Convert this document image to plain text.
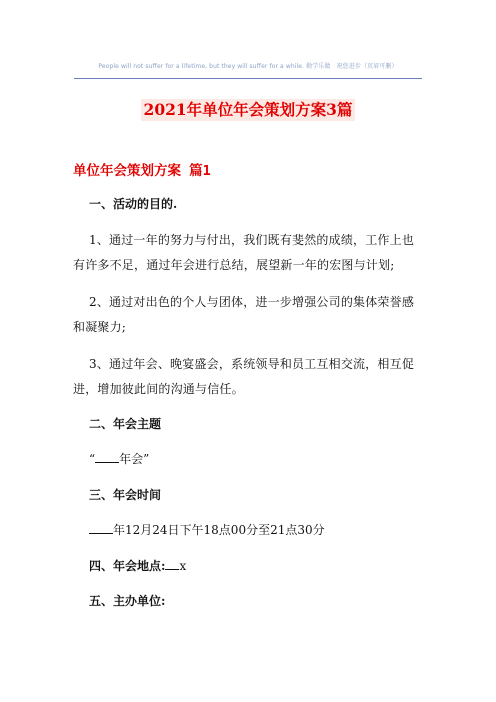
People will not suffer for a lifetime, but they will suffer for a while. 勤学乐做　祝您进步（页眉可删）
2021年单位年会策划方案3篇
单位年会策划方案 篇1
一、活动的目的.
1、通过一年的努力与付出，我们既有斐然的成绩，工作上也有许多不足，通过年会进行总结，展望新一年的宏图与计划;
2、通过对出色的个人与团体，进一步增强公司的集体荣誉感和凝聚力;
3、通过年会、晚宴盛会，系统领导和员工互相交流，相互促进，增加彼此间的沟通与信任。
二、年会主题
“ 年会”
三、年会时间
年12月24日下午18点00分至21点30分
四、年会地点: x
五、主办单位:
